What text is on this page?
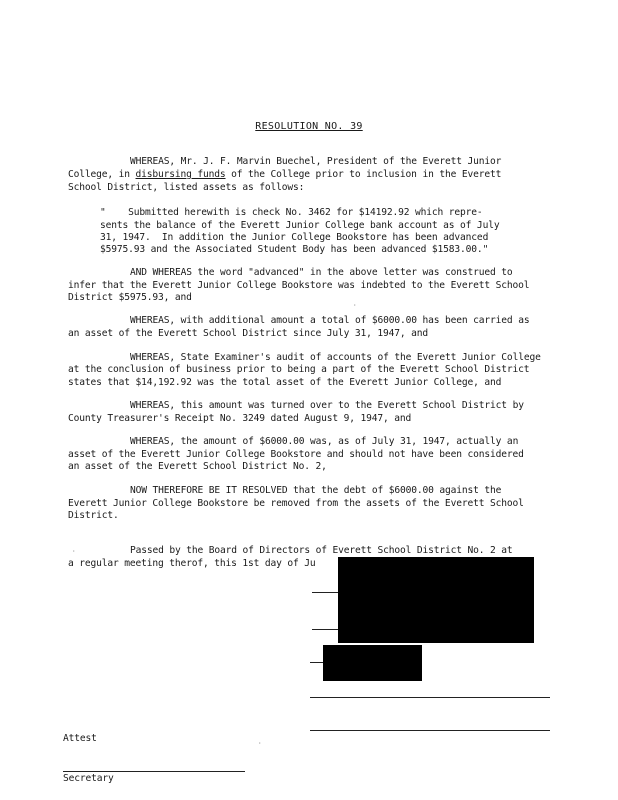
RESOLUTION NO. 39
WHEREAS, Mr. J. F. Marvin Buechel, President of the Everett Junior
College, in disbursing funds of the College prior to inclusion in the Everett
School District, listed assets as follows:
"    Submitted herewith is check No. 3462 for $14192.92 which repre-
sents the balance of the Everett Junior College bank account as of July
31, 1947.  In addition the Junior College Bookstore has been advanced
$5975.93 and the Associated Student Body has been advanced $1583.00."
AND WHEREAS the word "advanced" in the above letter was construed to
infer that the Everett Junior College Bookstore was indebted to the Everett School
District $5975.93, and
WHEREAS, with additional amount a total of $6000.00 has been carried as
an asset of the Everett School District since July 31, 1947, and
WHEREAS, State Examiner's audit of accounts of the Everett Junior College
at the conclusion of business prior to being a part of the Everett School District
states that $14,192.92 was the total asset of the Everett Junior College, and
WHEREAS, this amount was turned over to the Everett School District by
County Treasurer's Receipt No. 3249 dated August 9, 1947, and
WHEREAS, the amount of $6000.00 was, as of July 31, 1947, actually an
asset of the Everett Junior College Bookstore and should not have been considered
an asset of the Everett School District No. 2,
NOW THEREFORE BE IT RESOLVED that the debt of $6000.00 against the
Everett Junior College Bookstore be removed from the assets of the Everett School
District.
Passed by the Board of Directors of Everett School District No. 2 at
a regular meeting therof, this 1st day of Ju
·
·
·
Attest
Secretary
